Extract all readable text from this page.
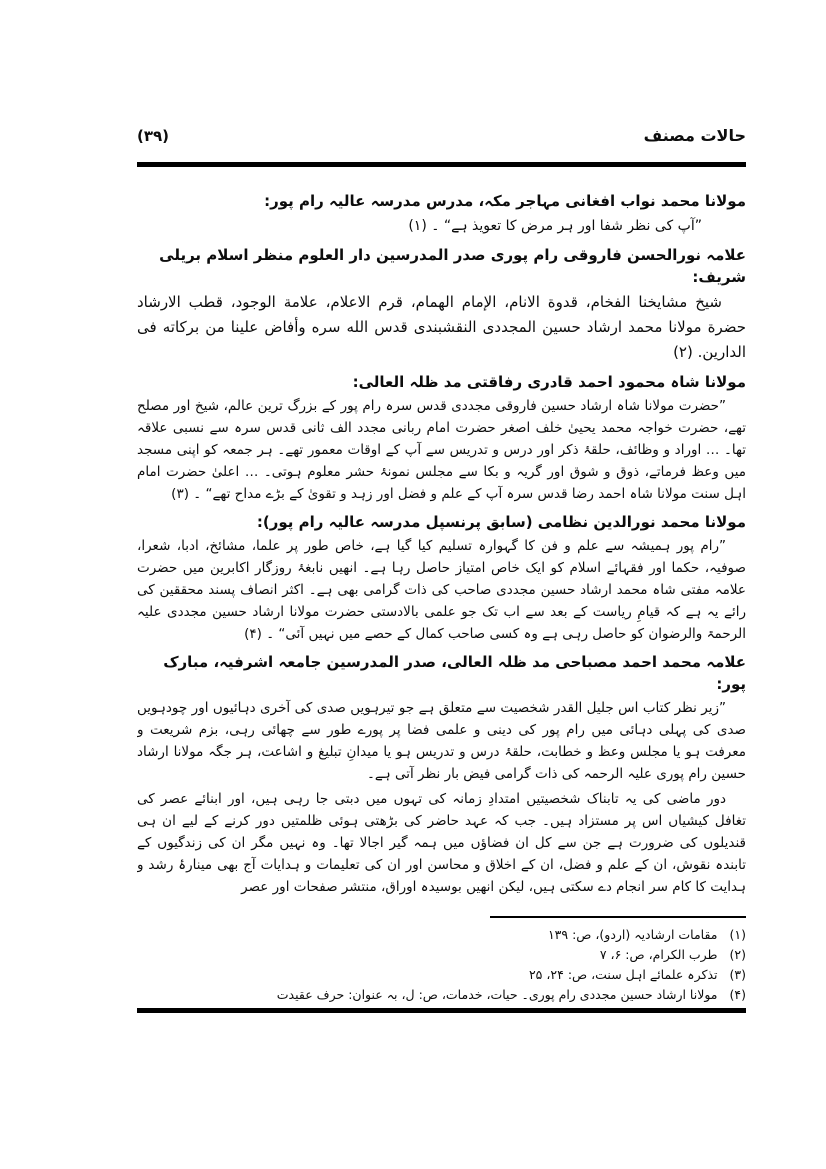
(۳۹)	حالات مصنف
مولانا محمد نواب افغانی مہاجر مکہ، مدرس مدرسہ عالیہ رام پور:

”آپ کی نظر شفا اور ہر مرض کا تعویذ ہے“ ۔ (۱)

علامہ نورالحسن فاروقی رام پوری صدر المدرسین دار العلوم منظر اسلام بریلی شریف:

شيخ مشايخنا الفخام، قدوة الانام، الإمام الهمام، قرم الاعلام، علامة الوجود، قطب الارشاد حضرة مولانا محمد ارشاد حسين المجددى النقشبندى قدس الله سره وأفاض علينا من بركاته فى الدارين. (۲)

مولانا شاہ محمود احمد قادری رفاقتی مد ظلہ العالی:

”حضرت مولانا شاہ ارشاد حسین فاروقی مجددی قدس سرہ رام پور کے بزرگ ترین عالم، شیخ اور مصلح تھے، حضرت خواجہ محمد یحییٰ خلف اصغر حضرت امام ربانی مجدد الف ثانی قدس سرہ سے نسبی علاقہ تھا۔ … اوراد و وظائف، حلقۂ ذکر اور درس و تدریس سے آپ کے اوقات معمور تھے۔ ہر جمعہ کو اپنی مسجد میں وعظ فرماتے، ذوق و شوق اور گریہ و بکا سے مجلس نمونۂ حشر معلوم ہوتی۔ … اعلیٰ حضرت امام اہل سنت مولانا شاہ احمد رضا قدس سرہ آپ کے علم و فضل اور زہد و تقویٰ کے بڑے مداح تھے“ ۔ (۳)

مولانا محمد نورالدین نظامی (سابق پرنسپل مدرسہ عالیہ رام پور):

”رام پور ہمیشہ سے علم و فن کا گہوارہ تسلیم کیا گیا ہے، خاص طور پر علما، مشائخ، ادبا، شعرا، صوفیہ، حکما اور فقہائے اسلام کو ایک خاص امتیاز حاصل رہا ہے۔ انھیں نابغۂ روزگار اکابرین میں حضرت علامہ مفتی شاہ محمد ارشاد حسین مجددی صاحب کی ذات گرامی بھی ہے۔ اکثر انصاف پسند محققین کی رائے یہ ہے کہ قیامِ ریاست کے بعد سے اب تک جو علمی بالادستی حضرت مولانا ارشاد حسین مجددی علیہ الرحمۃ والرضوان کو حاصل رہی ہے وہ کسی صاحب کمال کے حصے میں نہیں آئی“ ۔ (۴)

علامہ محمد احمد مصباحی مد ظلہ العالی، صدر المدرسین جامعہ اشرفیہ، مبارک پور:

”زیر نظر کتاب اس جلیل القدر شخصیت سے متعلق ہے جو تیرہویں صدی کی آخری دہائیوں اور چودہویں صدی کی پہلی دہائی میں رام پور کی دینی و علمی فضا پر پورے طور سے چھائی رہی، بزم شریعت و معرفت ہو یا مجلس وعظ و خطابت، حلقۂ درس و تدریس ہو یا میدانِ تبلیغ و اشاعت، ہر جگہ مولانا ارشاد حسین رام پوری علیہ الرحمہ کی ذات گرامی فیض بار نظر آتی ہے۔

دور ماضی کی یہ تابناک شخصیتیں امتدادِ زمانہ کی تہوں میں دبتی جا رہی ہیں، اور ابنائے عصر کی تغافل کیشیاں اس پر مستزاد ہیں۔ جب کہ عہد حاضر کی بڑھتی ہوئی ظلمتیں دور کرنے کے لیے ان ہی قندیلوں کی ضرورت ہے جن سے کل ان فضاؤں میں ہمہ گیر اجالا تھا۔ وہ نہیں مگر ان کی زندگیوں کے تابندہ نقوش، ان کے علم و فضل، ان کے اخلاق و محاسن اور ان کی تعلیمات و ہدایات آج بھی مینارۂ رشد و ہدایت کا کام سر انجام دے سکتی ہیں، لیکن انھیں بوسیدہ اوراق، منتشر صفحات اور عصر

(۱)مقامات ارشادیہ (اردو)، ص: ۱۳۹
(۲)طرب الکرام، ص: ۶، ۷
(۳)تذکرہ علمائے اہل سنت، ص: ۲۴، ۲۵
(۴)مولانا ارشاد حسین مجددی رام پوری۔ حیات، خدمات، ص: ل، بہ عنوان: حرف عقیدت
